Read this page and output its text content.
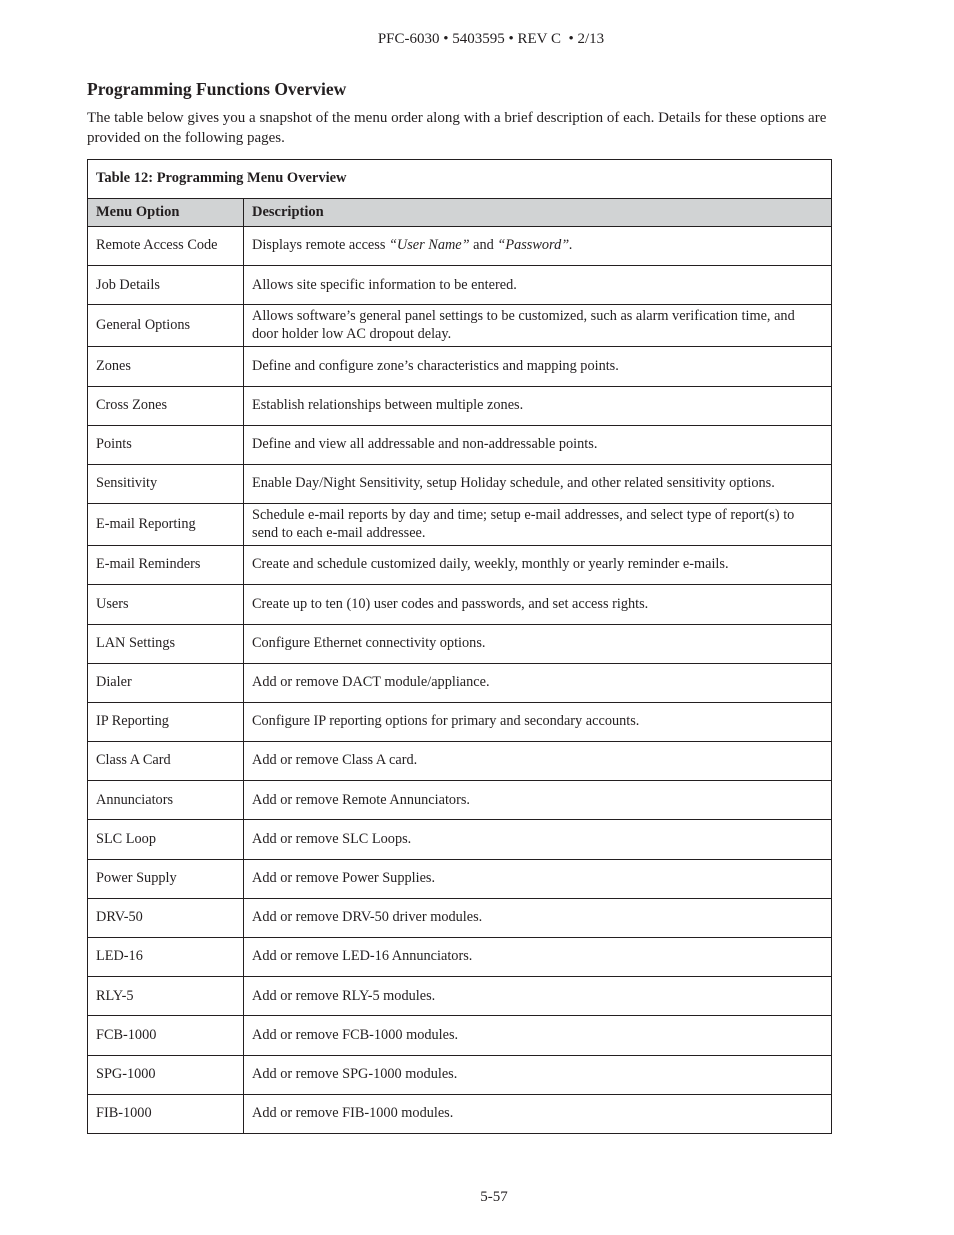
PFC-6030 • 5403595 • REV C  • 2/13
Programming Functions Overview

The table below gives you a snapshot of the menu order along with a brief description of each. Details for these options are provided on the following pages.

Table 12: Programming Menu Overview	
Menu Option	Description
Remote Access Code	Displays remote access “User Name” and “Password”.
Job Details	Allows site specific information to be entered.
General Options	Allows software’s general panel settings to be customized, such as alarm verification time, and door holder low AC dropout delay.
Zones	Define and configure zone’s characteristics and mapping points.
Cross Zones	Establish relationships between multiple zones.
Points	Define and view all addressable and non-addressable points.
Sensitivity	Enable Day/Night Sensitivity, setup Holiday schedule, and other related sensitivity options.
E-mail Reporting	Schedule e-mail reports by day and time; setup e-mail addresses, and select type of report(s) to send to each e-mail addressee.
E-mail Reminders	Create and schedule customized daily, weekly, monthly or yearly reminder e-mails.
Users	Create up to ten (10) user codes and passwords, and set access rights.
LAN Settings	Configure Ethernet connectivity options.
Dialer	Add or remove DACT module/appliance.
IP Reporting	Configure IP reporting options for primary and secondary accounts.
Class A Card	Add or remove Class A card.
Annunciators	Add or remove Remote Annunciators.
SLC Loop	Add or remove SLC Loops.
Power Supply	Add or remove Power Supplies.
DRV-50	Add or remove DRV-50 driver modules.
LED-16	Add or remove LED-16 Annunciators.
RLY-5	Add or remove RLY-5 modules.
FCB-1000	Add or remove FCB-1000 modules.
SPG-1000	Add or remove SPG-1000 modules.
FIB-1000	Add or remove FIB-1000 modules.
5-57
